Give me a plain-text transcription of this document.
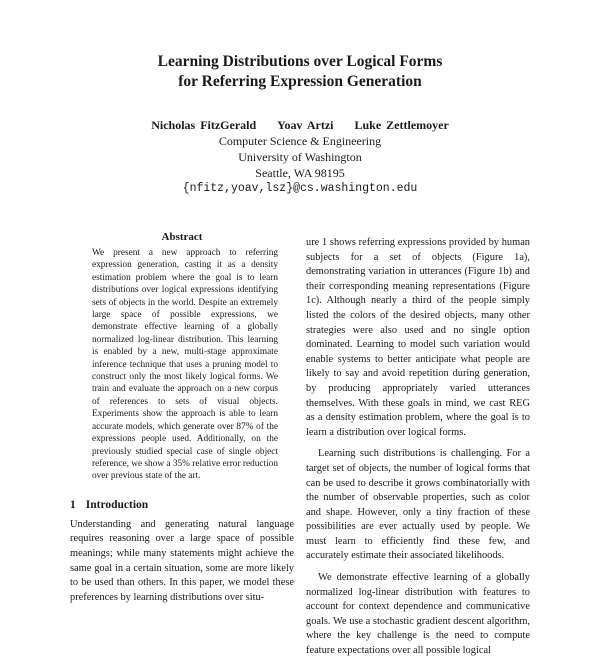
Learning Distributions over Logical Forms
for Referring Expression Generation
Nicholas FitzGerald Yoav Artzi Luke Zettlemoyer
Computer Science & Engineering
University of Washington
Seattle, WA 98195
{nfitz,yoav,lsz}@cs.washington.edu
Abstract

We present a new approach to referring expression generation, casting it as a density estimation problem where the goal is to learn distributions over logical expressions identifying sets of objects in the world. Despite an extremely large space of possible expressions, we demonstrate effective learning of a globally normalized log-linear distribution. This learning is enabled by a new, multi-stage approximate inference technique that uses a pruning model to construct only the most likely logical forms. We train and evaluate the approach on a new corpus of references to sets of visual objects. Experiments show the approach is able to learn accurate models, which generate over 87% of the expressions people used. Additionally, on the previously studied special case of single object reference, we show a 35% relative error reduction over previous state of the art.

1 Introduction

Understanding and generating natural language requires reasoning over a large space of possible meanings; while many statements might achieve the same goal in a certain situation, some are more likely to be used than others. In this paper, we model these preferences by learning distributions over situ-

ure 1 shows referring expressions provided by human subjects for a set of objects (Figure 1a), demonstrating variation in utterances (Figure 1b) and their corresponding meaning representations (Figure 1c). Although nearly a third of the people simply listed the colors of the desired objects, many other strategies were also used and no single option dominated. Learning to model such variation would enable systems to better anticipate what people are likely to say and avoid repetition during generation, by producing appropriately varied utterances themselves. With these goals in mind, we cast REG as a density estimation problem, where the goal is to learn a distribution over logical forms.

Learning such distributions is challenging. For a target set of objects, the number of logical forms that can be used to describe it grows combinatorially with the number of observable properties, such as color and shape. However, only a tiny fraction of these possibilities are ever actually used by people. We must learn to efficiently find these few, and accurately estimate their associated likelihoods.

We demonstrate effective learning of a globally normalized log-linear distribution with features to account for context dependence and communicative goals. We use a stochastic gradient descent algorithm, where the key challenge is the need to compute feature expectations over all possible logical
